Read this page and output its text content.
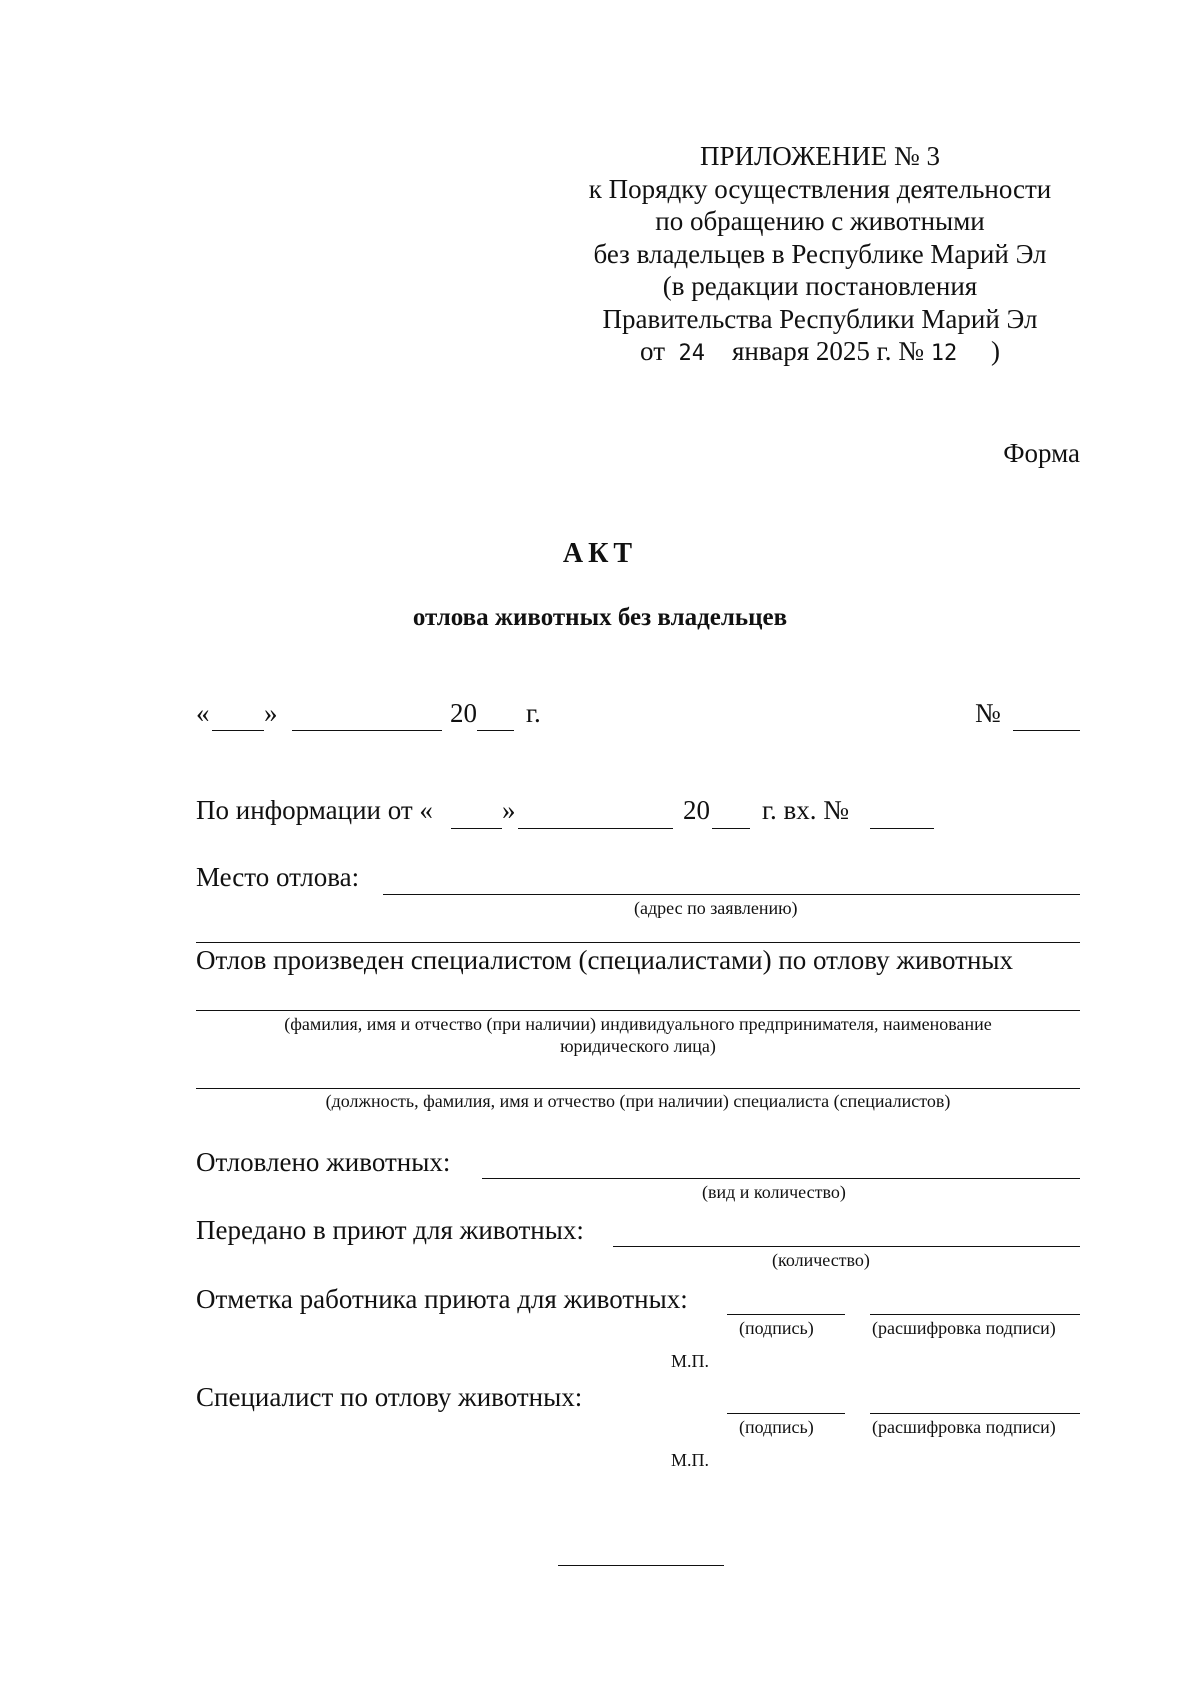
ПРИЛОЖЕНИЕ № 3
к Порядку осуществления деятельности
по обращению с животными
без владельцев в Республике Марий Эл
(в редакции постановления
Правительства Республики Марий Эл
от 24 января 2025 г. № 12 )
Форма
АКТ
отлова животных без владельцев
« »	20 г.	№
По информации от «	»	20 г. вх. №
Место отлова:
(адрес по заявлению)
Отлов произведен специалистом (специалистами) по отлову животных
(фамилия, имя и отчество (при наличии) индивидуального предпринимателя, наименование
юридического лица)
(должность, фамилия, имя и отчество (при наличии) специалиста (специалистов)
Отловлено животных:
(вид и количество)
Передано в приют для животных:
(количество)
Отметка работника приюта для животных:
(подпись)	(расшифровка подписи)
М.П.
Специалист по отлову животных:
(подпись)	(расшифровка подписи)
М.П.
